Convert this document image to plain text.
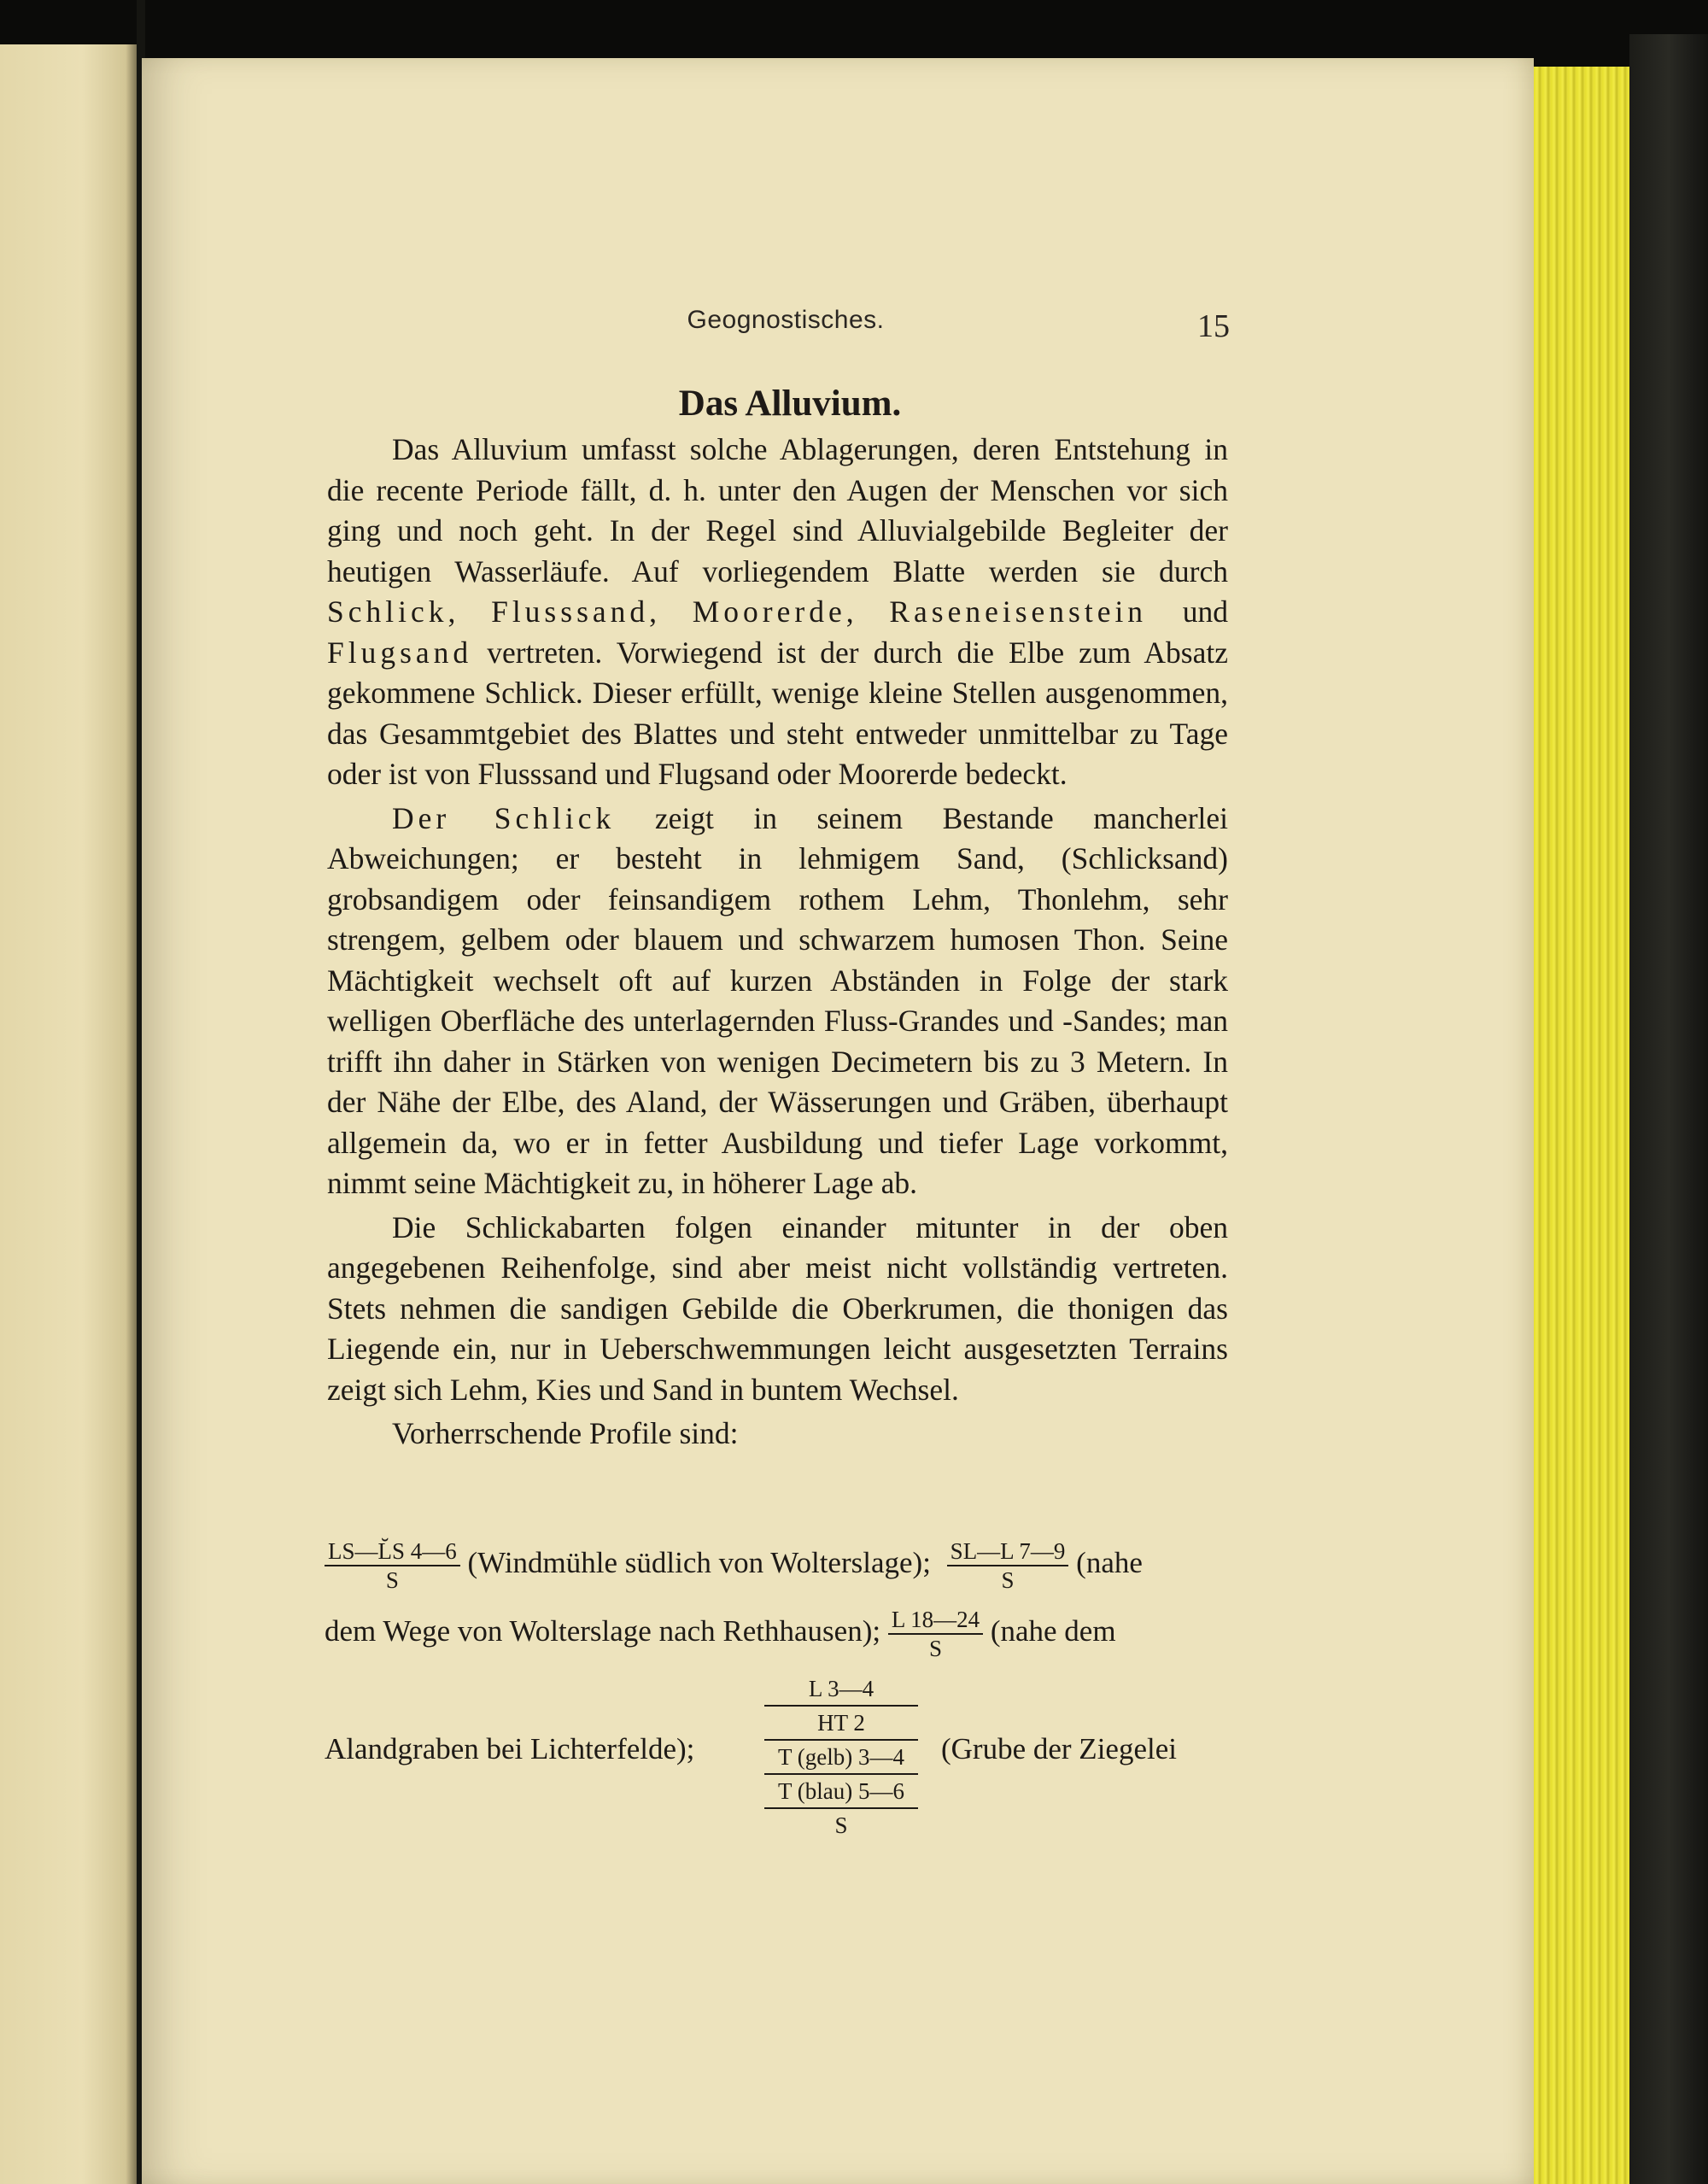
Geognostisches.	15
Das Alluvium.

Das Alluvium umfasst solche Ablagerungen, deren Entstehung in die recente Periode fällt, d. h. unter den Augen der Menschen vor sich ging und noch geht. In der Regel sind Alluvialgebilde Begleiter der heutigen Wasserläufe. Auf vorliegendem Blatte werden sie durch Schlick, Flusssand, Moorerde, Raseneisenstein und Flugsand vertreten. Vorwiegend ist der durch die Elbe zum Absatz gekommene Schlick. Dieser erfüllt, wenige kleine Stellen ausgenommen, das Gesammtgebiet des Blattes und steht entweder unmittelbar zu Tage oder ist von Flusssand und Flugsand oder Moorerde bedeckt.

Der Schlick zeigt in seinem Bestande mancherlei Abweichungen; er besteht in lehmigem Sand, (Schlicksand) grobsandigem oder feinsandigem rothem Lehm, Thonlehm, sehr strengem, gelbem oder blauem und schwarzem humosen Thon. Seine Mächtigkeit wechselt oft auf kurzen Abständen in Folge der stark welligen Oberfläche des unterlagernden Fluss-Grandes und -Sandes; man trifft ihn daher in Stärken von wenigen Decimetern bis zu 3 Metern. In der Nähe der Elbe, des Aland, der Wässerungen und Gräben, überhaupt allgemein da, wo er in fetter Ausbildung und tiefer Lage vorkommt, nimmt seine Mächtigkeit zu, in höherer Lage ab.

Die Schlickabarten folgen einander mitunter in der oben angegebenen Reihenfolge, sind aber meist nicht vollständig vertreten. Stets nehmen die sandigen Gebilde die Oberkrumen, die thonigen das Liegende ein, nur in Ueberschwemmungen leicht ausgesetzten Terrains zeigt sich Lehm, Kies und Sand in buntem Wechsel.

Vorherrschende Profile sind:

$\frac{LS—L̆S 4—6}{S}$ (Windmühle südlich von Wolterslage); $\frac{SL—L 7—9}{S}$ (nahe
dem Wege von Wolterslage nach Rethhausen); $\frac{L 18—24}{S}$ (nahe dem
L 3—4
HT 2
T (gelb) 3—4
T (blau) 5—6
S
Alandgraben bei Lichterfelde);	(Grube der Ziegelei
